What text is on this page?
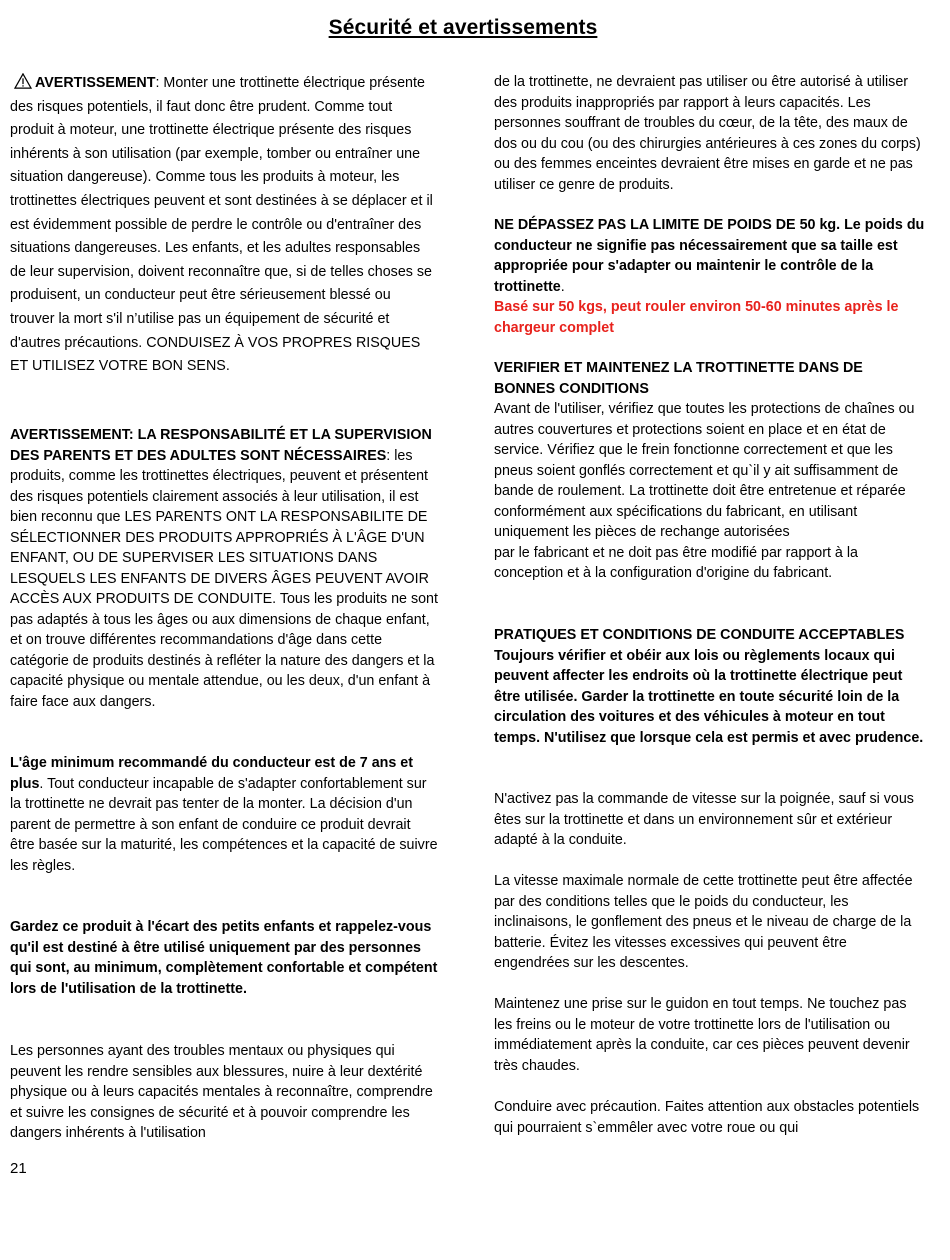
Sécurité et avertissements

AVERTISSEMENT: Monter une trottinette électrique présente des risques potentiels, il faut donc être prudent. Comme tout produit à moteur, une trottinette électrique présente des risques inhérents à son utilisation (par exemple, tomber ou entraîner une situation dangereuse). Comme tous les produits à moteur, les trottinettes électriques peuvent et sont destinées à se déplacer et il est évidemment possible de perdre le contrôle ou d'entraîner des situations dangereuses. Les enfants, et les adultes responsables de leur supervision, doivent reconnaître que, si de telles choses se produisent, un conducteur peut être sérieusement blessé ou trouver la mort s'il n’utilise pas un équipement de sécurité et d'autres précautions. CONDUISEZ À VOS PROPRES RISQUES ET UTILISEZ VOTRE BON SENS.

AVERTISSEMENT: LA RESPONSABILITÉ ET LA SUPERVISION DES PARENTS ET DES ADULTES SONT NÉCESSAIRES: les produits, comme les trottinettes électriques, peuvent et présentent des risques potentiels clairement associés à leur utilisation, il est bien reconnu que LES PARENTS ONT LA RESPONSABILITE DE SÉLECTIONNER DES PRODUITS APPROPRIÉS À L'ÂGE D'UN ENFANT, OU DE SUPERVISER LES SITUATIONS DANS LESQUELS LES ENFANTS DE DIVERS ÂGES PEUVENT AVOIR ACCÈS AUX PRODUITS DE CONDUITE. Tous les produits ne sont pas adaptés à tous les âges ou aux dimensions de chaque enfant, et on trouve différentes recommandations d'âge dans cette catégorie de produits destinés à refléter la nature des dangers et la capacité physique ou mentale attendue, ou les deux, d'un enfant à faire face aux dangers.

L'âge minimum recommandé du conducteur est de 7 ans et plus. Tout conducteur incapable de s'adapter confortablement sur la trottinette ne devrait pas tenter de la monter. La décision d'un parent de permettre à son enfant de conduire ce produit devrait être basée sur la maturité, les compétences et la capacité de suivre les règles.

Gardez ce produit à l'écart des petits enfants et rappelez-vous qu'il est destiné à être utilisé uniquement par des personnes qui sont, au minimum, complètement confortable et compétent lors de l'utilisation de la trottinette.

Les personnes ayant des troubles mentaux ou physiques qui peuvent les rendre sensibles aux blessures, nuire à leur dextérité physique ou à leurs capacités mentales à reconnaître, comprendre et suivre les consignes de sécurité et à pouvoir comprendre les dangers inhérents à l'utilisation

de la trottinette, ne devraient pas utiliser ou être autorisé à utiliser des produits inappropriés par rapport à leurs capacités. Les personnes souffrant de troubles du cœur, de la tête, des maux de dos ou du cou (ou des chirurgies antérieures à ces zones du corps) ou des femmes enceintes devraient être mises en garde et ne pas utiliser ce genre de produits.

NE DÉPASSEZ PAS LA LIMITE DE POIDS DE 50 kg. Le poids du conducteur ne signifie pas nécessairement que sa taille est appropriée pour s'adapter ou maintenir le contrôle de la trottinette.

Basé sur 50 kgs, peut rouler environ 50-60 minutes après le chargeur complet

VERIFIER ET MAINTENEZ LA TROTTINETTE DANS DE BONNES CONDITIONS

Avant de l'utiliser, vérifiez que toutes les protections de chaînes ou autres couvertures et protections soient en place et en état de service. Vérifiez que le frein fonctionne correctement et que les pneus soient gonflés correctement et qu`il y ait suffisamment de bande de roulement. La trottinette doit être entretenue et réparée conformément aux spécifications du fabricant, en utilisant uniquement les pièces de rechange autorisées

par le fabricant et ne doit pas être modifié par rapport à la conception et à la configuration d'origine du fabricant.

PRATIQUES ET CONDITIONS DE CONDUITE ACCEPTABLES

Toujours vérifier et obéir aux lois ou règlements locaux qui peuvent affecter les endroits où la trottinette électrique peut être utilisée. Garder la trottinette en toute sécurité loin de la circulation des voitures et des véhicules à moteur en tout temps. N'utilisez que lorsque cela est permis et avec prudence.

N'activez pas la commande de vitesse sur la poignée, sauf si vous êtes sur la trottinette et dans un environnement sûr et extérieur adapté à la conduite.

La vitesse maximale normale de cette trottinette peut être affectée par des conditions telles que le poids du conducteur, les inclinaisons, le gonflement des pneus et le niveau de charge de la batterie. Évitez les vitesses excessives qui peuvent être engendrées sur les descentes.

Maintenez une prise sur le guidon en tout temps. Ne touchez pas les freins ou le moteur de votre trottinette lors de l'utilisation ou immédiatement après la conduite, car ces pièces peuvent devenir très chaudes.

Conduire avec précaution. Faites attention aux obstacles potentiels qui pourraient s`emmêler avec votre roue ou qui

21
